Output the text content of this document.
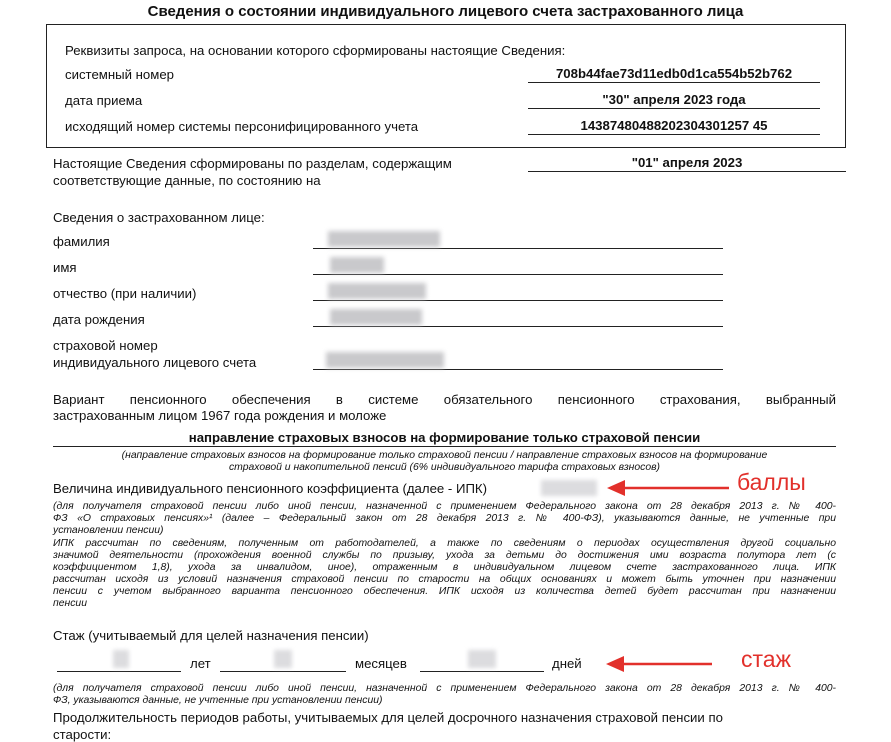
Сведения о состоянии индивидуального лицевого счета застрахованного лица
Реквизиты запроса, на основании которого сформированы настоящие Сведения:
системный номер	708b44fae73d11edb0d1ca554b52b762
дата приема	"30" апреля 2023 года
исходящий номер системы персонифицированного учета	14387480488202304301257 45
Настоящие Сведения сформированы по разделам, содержащим
соответствующие данные, по состоянию на
"01" апреля 2023
Сведения о застрахованном лице:
фамилия
имя
отчество (при наличии)
дата рождения
страховой номер
индивидуального лицевого счета
Вариант пенсионного обеспечения в системе обязательного пенсионного страхования, выбранный
застрахованным лицом 1967 года рождения и моложе
направление страховых взносов на формирование только страховой пенсии
(направление страховых взносов на формирование только страховой пенсии / направление страховых взносов на формирование
страховой и накопительной пенсий (6% индивидуального тарифа страховых взносов)
Величина индивидуального пенсионного коэффициента (далее - ИПК)
(для получателя страховой пенсии либо иной пенсии, назначенной с применением Федерального закона от 28 декабря 2013 г. № 400-
ФЗ «О страховых пенсиях»¹ (далее – Федеральный закон от 28 декабря 2013 г. № 400-ФЗ), указываются данные, не учтенные при
установлении пенсии)
ИПК рассчитан по сведениям, полученным от работодателей, а также по сведениям о периодах осуществления другой социально
значимой деятельности (прохождения военной службы по призыву, ухода за детьми до достижения ими возраста полутора лет (с
коэффициентом 1,8), ухода за инвалидом, иное), отраженным в индивидуальном лицевом счете застрахованного лица. ИПК
рассчитан исходя из условий назначения страховой пенсии по старости на общих основаниях и может быть уточнен при назначении
пенсии с учетом выбранного варианта пенсионного обеспечения. ИПК исходя из количества детей будет рассчитан при назначении
пенсии
Стаж (учитываемый для целей назначения пенсии)
лет	месяцев	дней
(для получателя страховой пенсии либо иной пенсии, назначенной с применением Федерального закона от 28 декабря 2013 г. № 400-
ФЗ, указываются данные, не учтенные при установлении пенсии)
Продолжительность периодов работы, учитываемых для целей досрочного назначения страховой пенсии по
старости:
баллы
стаж
